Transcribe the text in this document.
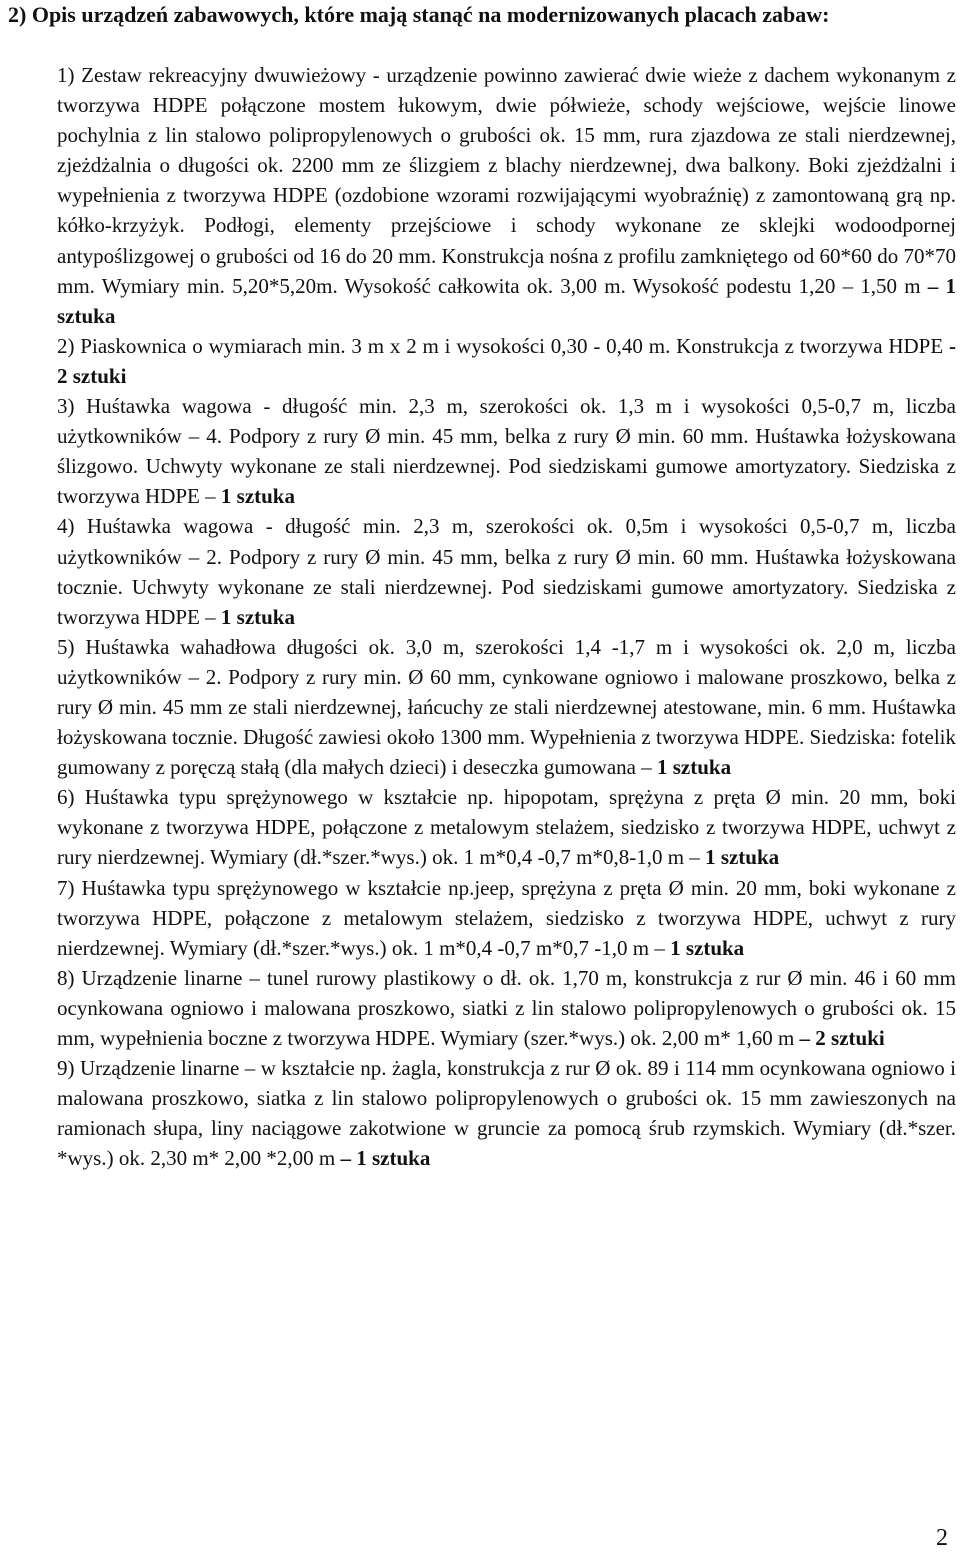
2) Opis urządzeń zabawowych, które mają stanąć na modernizowanych placach zabaw:

1) Zestaw rekreacyjny dwuwieżowy - urządzenie powinno zawierać dwie wieże z dachem wykonanym z tworzywa HDPE połączone mostem łukowym, dwie półwieże, schody wejściowe, wejście linowe pochylnia z lin stalowo polipropylenowych o grubości ok. 15 mm, rura zjazdowa ze stali nierdzewnej, zjeżdżalnia o długości ok. 2200 mm ze ślizgiem z blachy nierdzewnej, dwa balkony. Boki zjeżdżalni i wypełnienia z tworzywa HDPE (ozdobione wzorami rozwijającymi wyobraźnię) z zamontowaną grą np. kółko-krzyżyk. Podłogi, elementy przejściowe i schody wykonane ze sklejki wodoodpornej antypoślizgowej o grubości od 16 do 20 mm. Konstrukcja nośna z profilu zamkniętego od 60*60 do 70*70 mm. Wymiary min. 5,20*5,20m. Wysokość całkowita ok. 3,00 m. Wysokość podestu 1,20 – 1,50 m – 1 sztuka

2) Piaskownica o wymiarach min. 3 m x 2 m i wysokości 0,30 - 0,40 m. Konstrukcja z tworzywa HDPE - 2 sztuki

3) Huśtawka wagowa - długość min. 2,3 m, szerokości ok. 1,3 m i wysokości 0,5-0,7 m, liczba użytkowników – 4. Podpory z rury Ø min. 45 mm, belka z rury Ø min. 60 mm. Huśtawka łożyskowana ślizgowo. Uchwyty wykonane ze stali nierdzewnej. Pod siedziskami gumowe amortyzatory. Siedziska z tworzywa HDPE – 1 sztuka

4) Huśtawka wagowa - długość min. 2,3 m, szerokości ok. 0,5m i wysokości 0,5-0,7 m, liczba użytkowników – 2. Podpory z rury Ø min. 45 mm, belka z rury Ø min. 60 mm. Huśtawka łożyskowana tocznie. Uchwyty wykonane ze stali nierdzewnej. Pod siedziskami gumowe amortyzatory. Siedziska z tworzywa HDPE – 1 sztuka

5) Huśtawka wahadłowa długości ok. 3,0 m, szerokości 1,4 -1,7 m i wysokości ok. 2,0 m, liczba użytkowników – 2. Podpory z rury min. Ø 60 mm, cynkowane ogniowo i malowane proszkowo, belka z rury Ø min. 45 mm ze stali nierdzewnej, łańcuchy ze stali nierdzewnej atestowane, min. 6 mm. Huśtawka łożyskowana tocznie. Długość zawiesi około 1300 mm. Wypełnienia z tworzywa HDPE. Siedziska: fotelik gumowany z poręczą stałą (dla małych dzieci) i deseczka gumowana – 1 sztuka

6) Huśtawka typu sprężynowego w kształcie np. hipopotam, sprężyna z pręta Ø min. 20 mm, boki wykonane z tworzywa HDPE, połączone z metalowym stelażem, siedzisko z tworzywa HDPE, uchwyt z rury nierdzewnej. Wymiary (dł.*szer.*wys.) ok. 1 m*0,4 -0,7 m*0,8-1,0 m – 1 sztuka

7) Huśtawka typu sprężynowego w kształcie np.jeep, sprężyna z pręta Ø min. 20 mm, boki wykonane z tworzywa HDPE, połączone z metalowym stelażem, siedzisko z tworzywa HDPE, uchwyt z rury nierdzewnej. Wymiary (dł.*szer.*wys.) ok. 1 m*0,4 -0,7 m*0,7 -1,0 m – 1 sztuka

8) Urządzenie linarne – tunel rurowy plastikowy o dł. ok. 1,70 m, konstrukcja z rur Ø min. 46 i 60 mm ocynkowana ogniowo i malowana proszkowo, siatki z lin stalowo polipropylenowych o grubości ok. 15 mm, wypełnienia boczne z tworzywa HDPE. Wymiary (szer.*wys.) ok. 2,00 m* 1,60 m – 2 sztuki

9) Urządzenie linarne – w kształcie np. żagla, konstrukcja z rur Ø ok. 89 i 114 mm ocynkowana ogniowo i malowana proszkowo, siatka z lin stalowo polipropylenowych o grubości ok. 15 mm zawieszonych na ramionach słupa, liny naciągowe zakotwione w gruncie za pomocą śrub rzymskich. Wymiary (dł.*szer. *wys.) ok. 2,30 m* 2,00 *2,00 m – 1 sztuka

2
